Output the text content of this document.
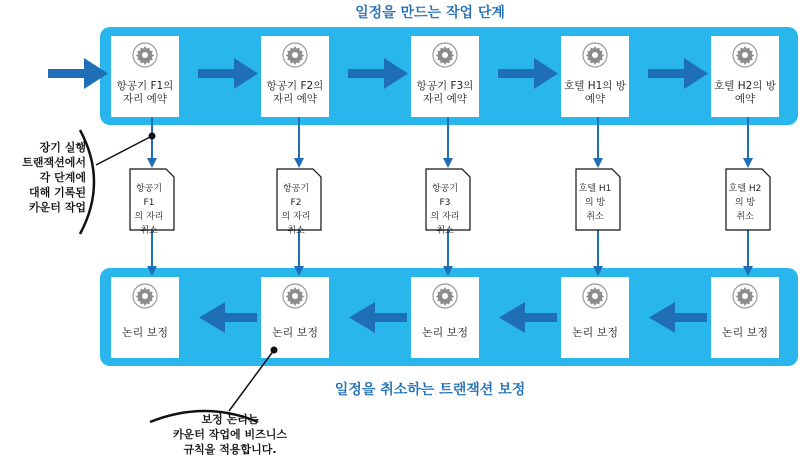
일정을 만드는 작업 단계
일정을 취소하는 트랜잭션 보정
항공기 F1의
자리 예약
항공기 F2의
자리 예약
항공기 F3의
자리 예약
호텔 H1의 방
예약
호텔 H2의 방
예약
논리 보정	논리 보정	논리 보정	논리 보정	논리 보정
항공기 F1
의 자리
취소
항공기 F2
의 자리
취소
항공기 F3
의 자리
취소
호텔 H1
의 방
취소
호텔 H2
의 방
취소
장기 실행
트랜잭션에서
각 단계에
대해 기록된
카운터 작업
보정 논리는
카운터 작업에 비즈니스
규칙을 적용합니다.
